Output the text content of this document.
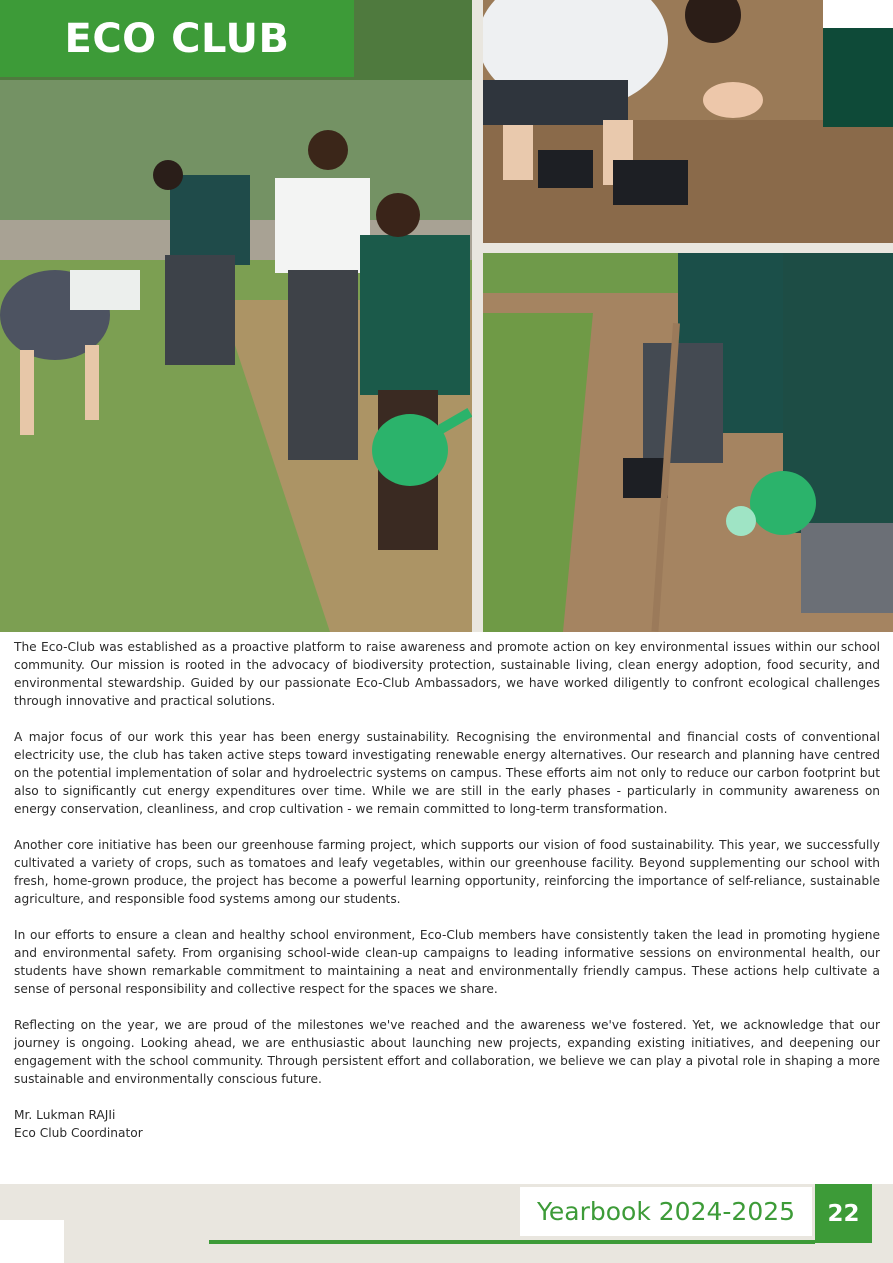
ECO CLUB

The Eco-Club was established as a proactive platform to raise awareness and promote action on key environmental issues within our school community. Our mission is rooted in the advocacy of biodiversity protection, sustainable living, clean energy adoption, food security, and environmental stewardship. Guided by our passionate Eco-Club Ambassadors, we have worked diligently to confront ecological challenges through innovative and practical solutions.

A major focus of our work this year has been energy sustainability. Recognising the environmental and financial costs of conventional electricity use, the club has taken active steps toward investigating renewable energy alternatives. Our research and planning have centred on the potential implementation of solar and hydroelectric systems on campus. These efforts aim not only to reduce our carbon footprint but also to significantly cut energy expenditures over time. While we are still in the early phases - particularly in community awareness on energy conservation, cleanliness, and crop cultivation - we remain committed to long-term transformation.

Another core initiative has been our greenhouse farming project, which supports our vision of food sustainability. This year, we successfully cultivated a variety of crops, such as tomatoes and leafy vegetables, within our greenhouse facility. Beyond supplementing our school with fresh, home-grown produce, the project has become a powerful learning opportunity, reinforcing the importance of self-reliance, sustainable agriculture, and responsible food systems among our students.

In our efforts to ensure a clean and healthy school environment, Eco-Club members have consistently taken the lead in promoting hygiene and environmental safety. From organising school-wide clean-up campaigns to leading informative sessions on environmental health, our students have shown remarkable commitment to maintaining a neat and environmentally friendly campus. These actions help cultivate a sense of personal responsibility and collective respect for the spaces we share.

Reflecting on the year, we are proud of the milestones we've reached and the awareness we've fostered. Yet, we acknowledge that our journey is ongoing. Looking ahead, we are enthusiastic about launching new projects, expanding existing initiatives, and deepening our engagement with the school community. Through persistent effort and collaboration, we believe we can play a pivotal role in shaping a more sustainable and environmentally conscious future.

Mr. Lukman RAJIi
Eco Club Coordinator
Yearbook 2024-2025 22
